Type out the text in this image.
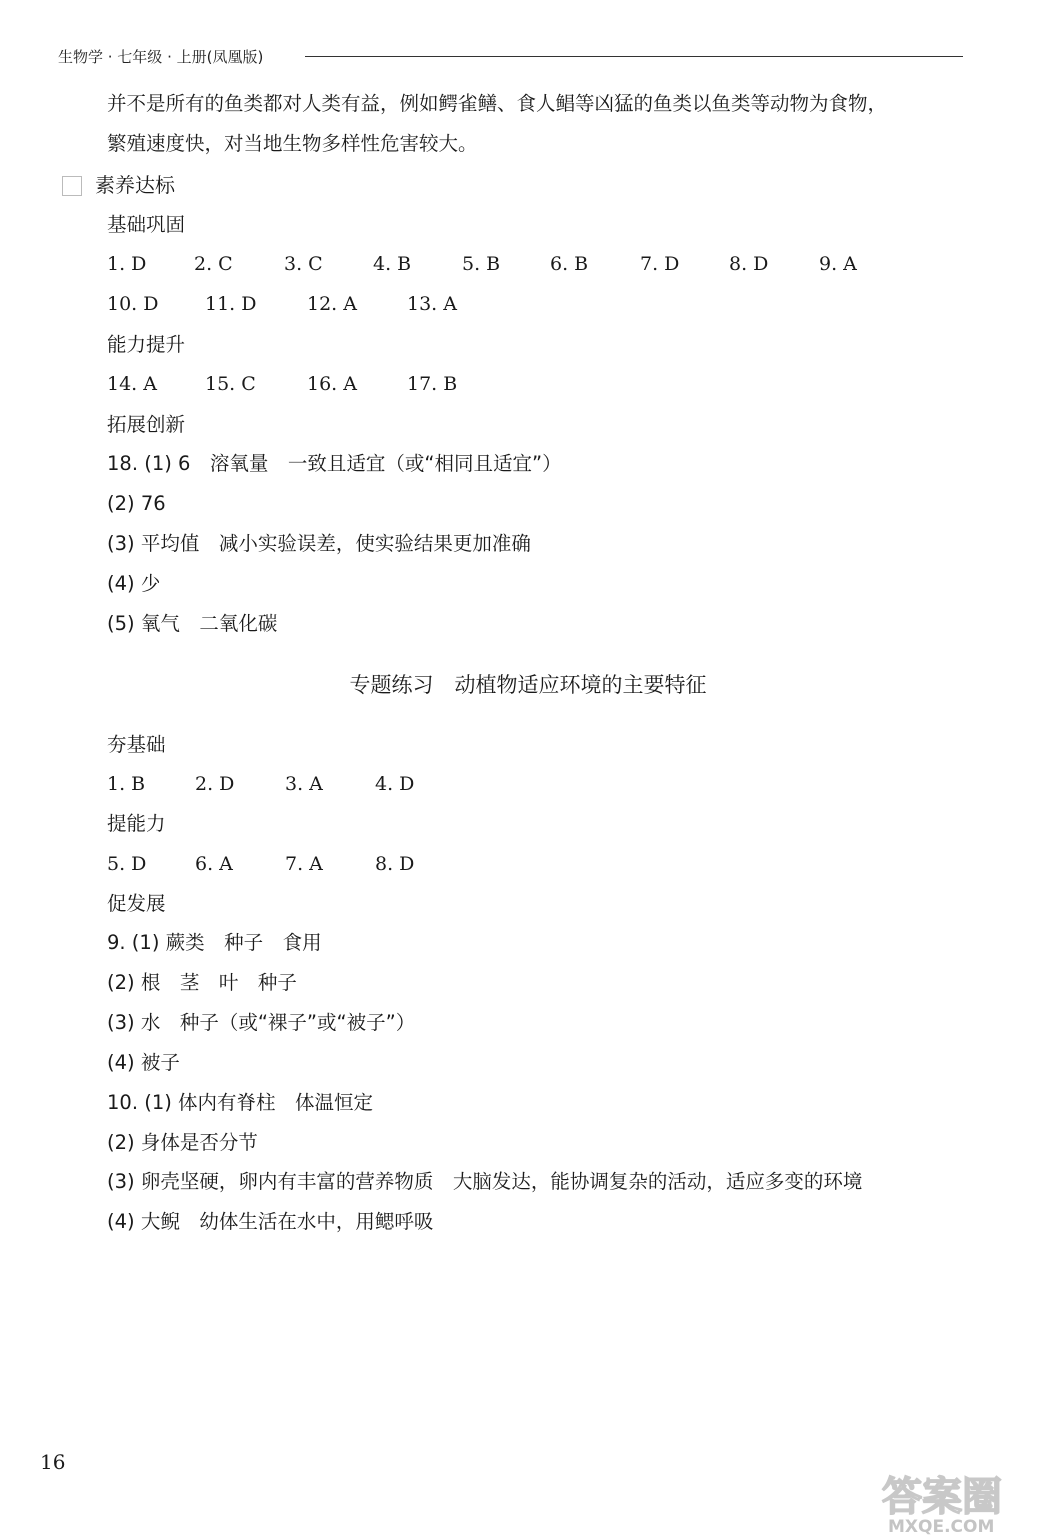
生物学 · 七年级 · 上册(凤凰版)
并不是所有的鱼类都对人类有益，例如鳄雀鳝、食人鲳等凶猛的鱼类以鱼类等动物为食物，
繁殖速度快，对当地生物多样性危害较大。
素养达标
基础巩固
1. D	2. C	3. C	4. B	5. B	6. B	7. D	8. D	9. A
10. D 11. D	12. A	13. A
能力提升
14. A	15. C	16. A	17. B
拓展创新
18. (1) 6　溶氧量　一致且适宜（或“相同且适宜”）
(2) 76
(3) 平均值　减小实验误差，使实验结果更加准确
(4) 少
(5) 氧气　二氧化碳
专题练习　动植物适应环境的主要特征
夯基础
1. B	2. D	3. A	4. D
提能力
5. D	6. A	7. A	8. D
促发展
9. (1) 蕨类　种子　食用
(2) 根　茎　叶　种子
(3) 水　种子（或“裸子”或“被子”）
(4) 被子
10. (1) 体内有脊柱　体温恒定
(2) 身体是否分节
(3) 卵壳坚硬，卵内有丰富的营养物质　大脑发达，能协调复杂的活动，适应多变的环境
(4) 大鲵　幼体生活在水中，用鳃呼吸
16
答案圈
MXQE.COM
